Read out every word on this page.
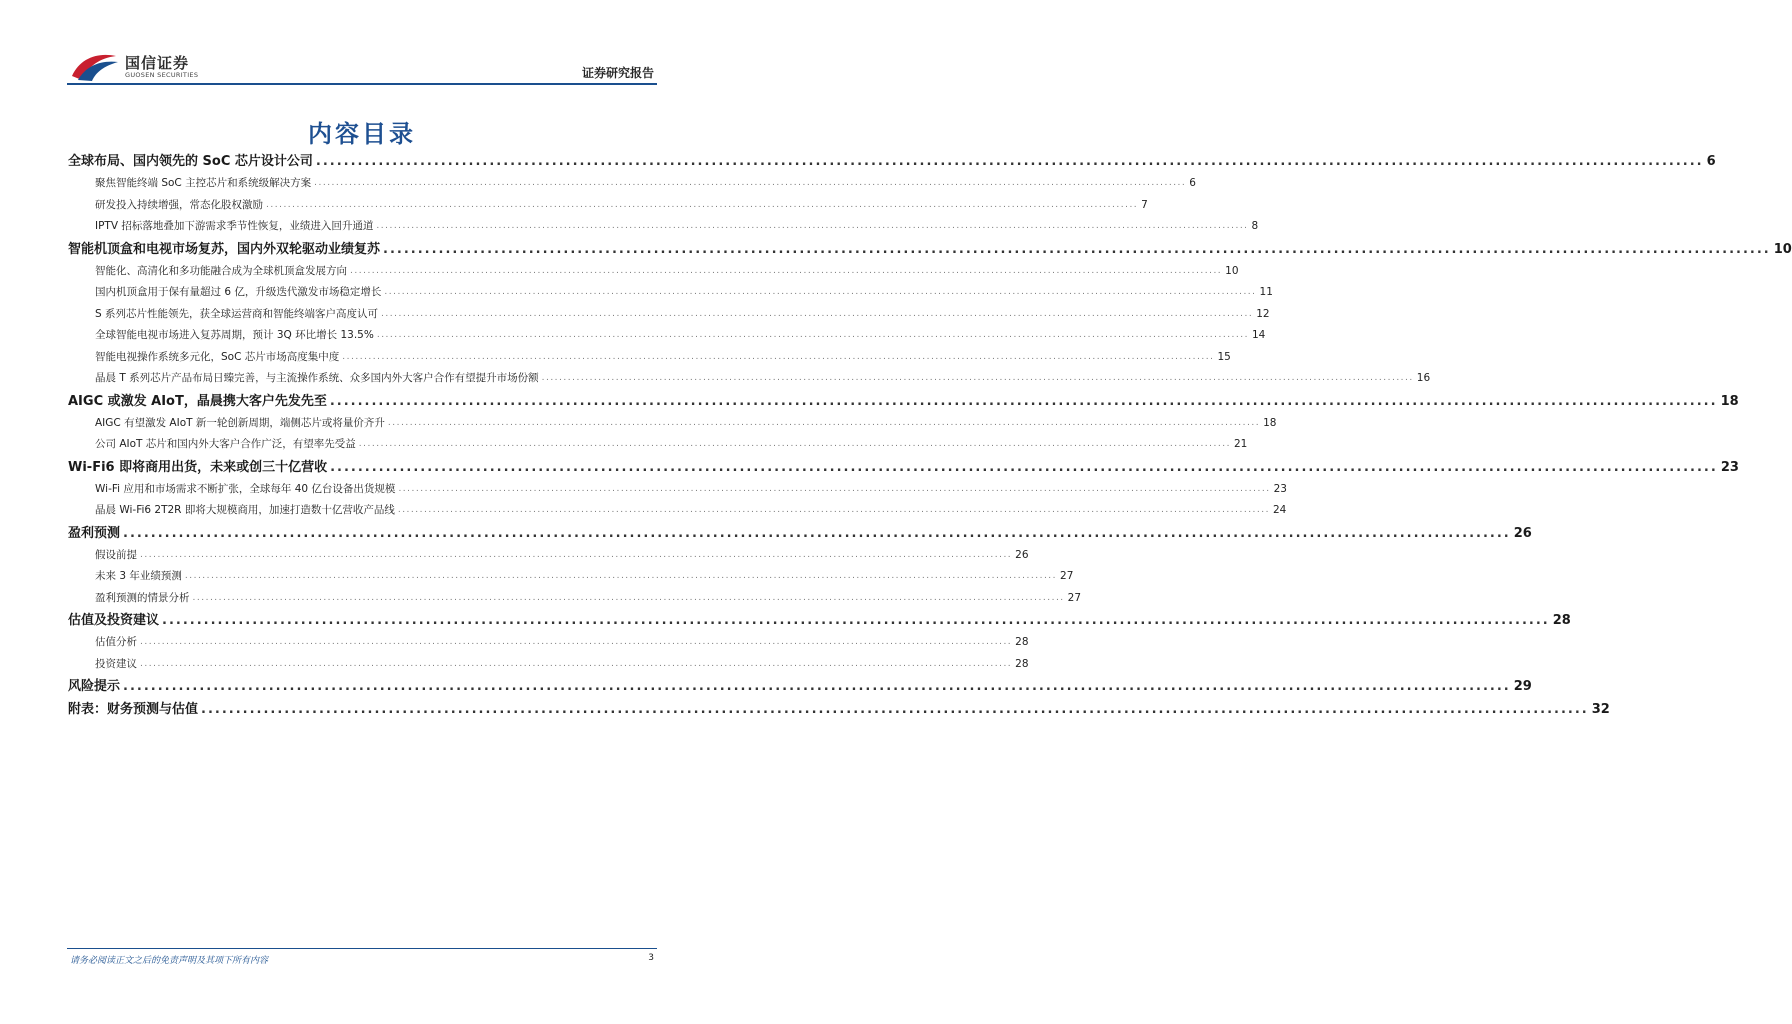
国信证券
GUOSEN SECURITIES	证券研究报告
内容目录
全球布局、国内领先的 SoC 芯片设计公司 ........................................................................................................................................................................................................ 6
聚焦智能终端 SoC 主控芯片和系统级解决方案 ........................................................................................................................................................................................................ 6
研发投入持续增强，常态化股权激励 ........................................................................................................................................................................................................ 7
IPTV 招标落地叠加下游需求季节性恢复，业绩进入回升通道 ........................................................................................................................................................................................................ 8
智能机顶盒和电视市场复苏，国内外双轮驱动业绩复苏 ........................................................................................................................................................................................................ 10
智能化、高清化和多功能融合成为全球机顶盒发展方向 ........................................................................................................................................................................................................ 10
国内机顶盒用于保有量超过 6 亿，升级迭代激发市场稳定增长 ........................................................................................................................................................................................................ 11
S 系列芯片性能领先，获全球运营商和智能终端客户高度认可 ........................................................................................................................................................................................................ 12
全球智能电视市场进入复苏周期，预计 3Q 环比增长 13.5% ........................................................................................................................................................................................................ 14
智能电视操作系统多元化，SoC 芯片市场高度集中度 ........................................................................................................................................................................................................ 15
晶晨 T 系列芯片产品布局日臻完善，与主流操作系统、众多国内外大客户合作有望提升市场份额 ........................................................................................................................................................................................................ 16
AIGC 或激发 AIoT，晶晨携大客户先发先至 ........................................................................................................................................................................................................ 18
AIGC 有望激发 AIoT 新一轮创新周期，端侧芯片或将量价齐升 ........................................................................................................................................................................................................ 18
公司 AIoT 芯片和国内外大客户合作广泛，有望率先受益 ........................................................................................................................................................................................................ 21
Wi-Fi6 即将商用出货，未来或创三十亿营收 ........................................................................................................................................................................................................ 23
Wi-Fi 应用和市场需求不断扩张，全球每年 40 亿台设备出货规模 ........................................................................................................................................................................................................ 23
晶晨 Wi-Fi6 2T2R 即将大规模商用，加速打造数十亿营收产品线 ........................................................................................................................................................................................................ 24
盈利预测 ........................................................................................................................................................................................................ 26
假设前提 ........................................................................................................................................................................................................ 26
未来 3 年业绩预测 ........................................................................................................................................................................................................ 27
盈利预测的情景分析 ........................................................................................................................................................................................................ 27
估值及投资建议 ........................................................................................................................................................................................................ 28
估值分析 ........................................................................................................................................................................................................ 28
投资建议 ........................................................................................................................................................................................................ 28
风险提示 ........................................................................................................................................................................................................ 29
附表：财务预测与估值 ........................................................................................................................................................................................................ 32
请务必阅读正文之后的免责声明及其项下所有内容	3
